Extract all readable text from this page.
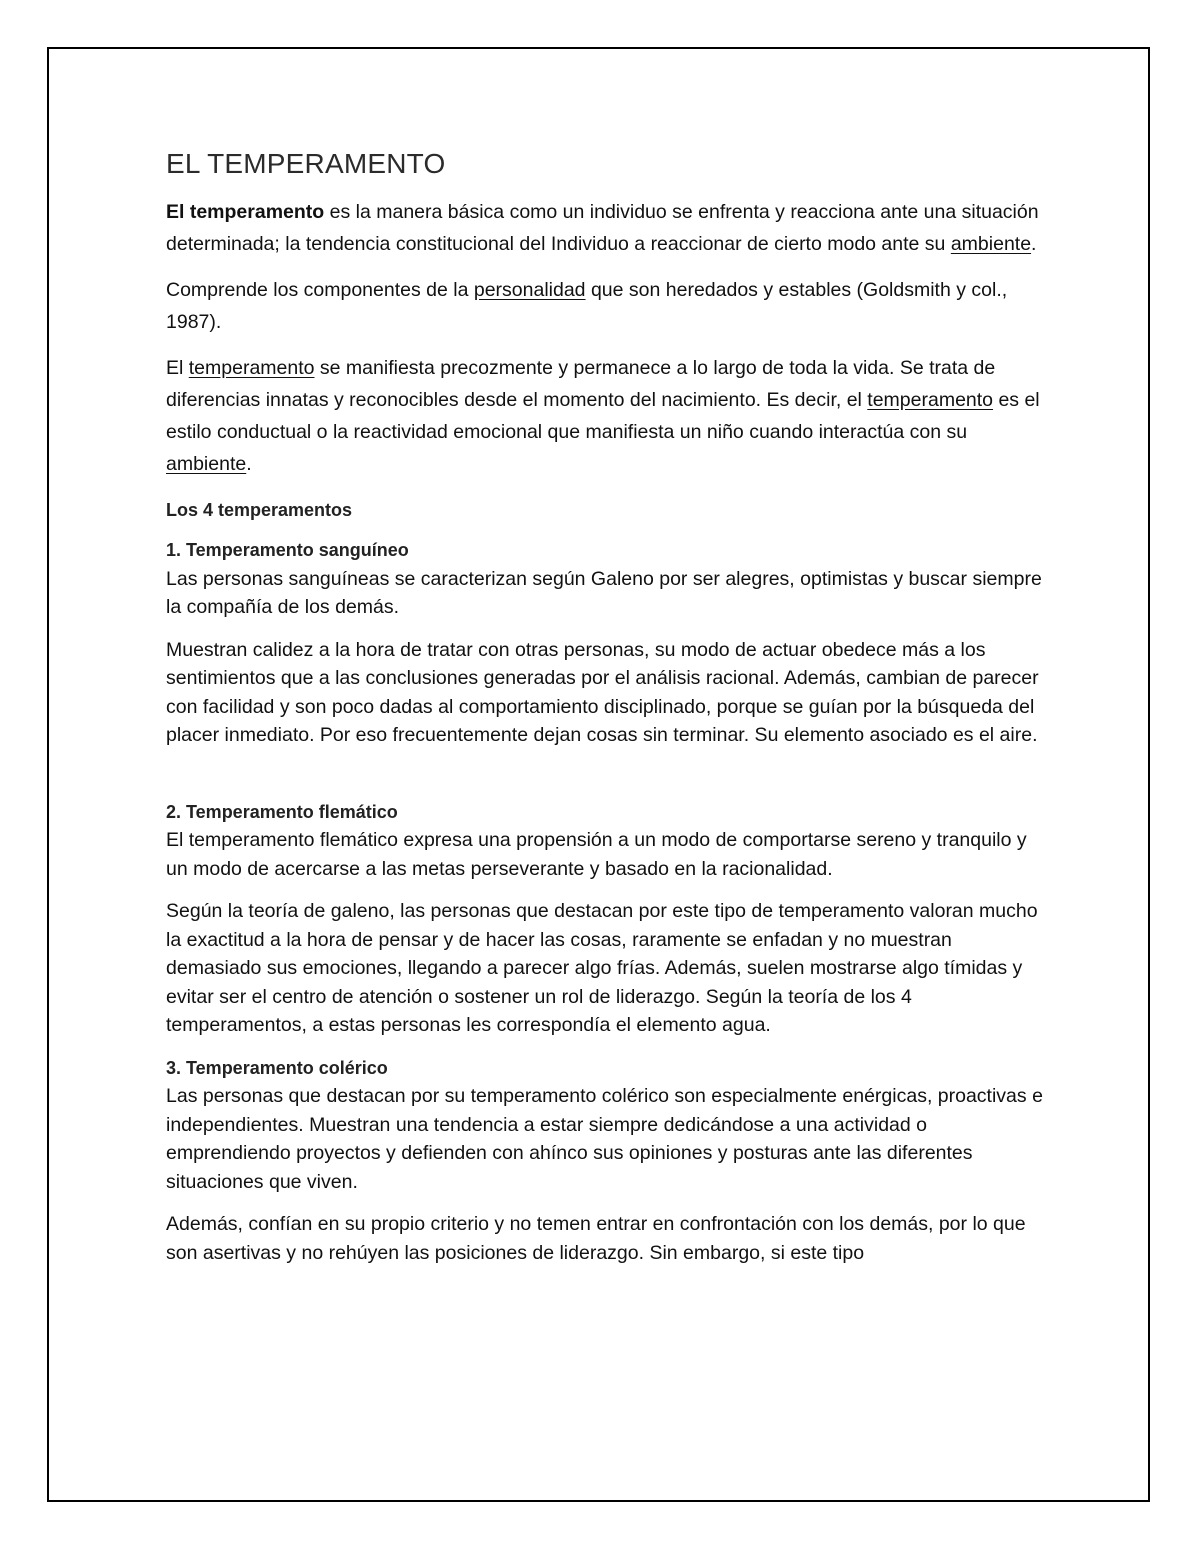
EL TEMPERAMENTO

El temperamento es la manera básica como un individuo se enfrenta y reacciona ante una situación determinada; la tendencia constitucional del Individuo a reaccionar de cierto modo ante su ambiente.

Comprende los componentes de la personalidad que son heredados y estables (Goldsmith y col., 1987).

El temperamento se manifiesta precozmente y permanece a lo largo de toda la vida. Se trata de diferencias innatas y reconocibles desde el momento del nacimiento. Es decir, el temperamento es el estilo conductual o la reactividad emocional que manifiesta un niño cuando interactúa con su ambiente.

Los 4 temperamentos

1. Temperamento sanguíneo
Las personas sanguíneas se caracterizan según Galeno por ser alegres, optimistas y buscar siempre la compañía de los demás.

Muestran calidez a la hora de tratar con otras personas, su modo de actuar obedece más a los sentimientos que a las conclusiones generadas por el análisis racional. Además, cambian de parecer con facilidad y son poco dadas al comportamiento disciplinado, porque se guían por la búsqueda del placer inmediato. Por eso frecuentemente dejan cosas sin terminar. Su elemento asociado es el aire.

2. Temperamento flemático
El temperamento flemático expresa una propensión a un modo de comportarse sereno y tranquilo y un modo de acercarse a las metas perseverante y basado en la racionalidad.

Según la teoría de galeno, las personas que destacan por este tipo de temperamento valoran mucho la exactitud a la hora de pensar y de hacer las cosas, raramente se enfadan y no muestran demasiado sus emociones, llegando a parecer algo frías. Además, suelen mostrarse algo tímidas y evitar ser el centro de atención o sostener un rol de liderazgo. Según la teoría de los 4 temperamentos, a estas personas les correspondía el elemento agua.

3. Temperamento colérico
Las personas que destacan por su temperamento colérico son especialmente enérgicas, proactivas e independientes. Muestran una tendencia a estar siempre dedicándose a una actividad o emprendiendo proyectos y defienden con ahínco sus opiniones y posturas ante las diferentes situaciones que viven.

Además, confían en su propio criterio y no temen entrar en confrontación con los demás, por lo que son asertivas y no rehúyen las posiciones de liderazgo. Sin embargo, si este tipo
